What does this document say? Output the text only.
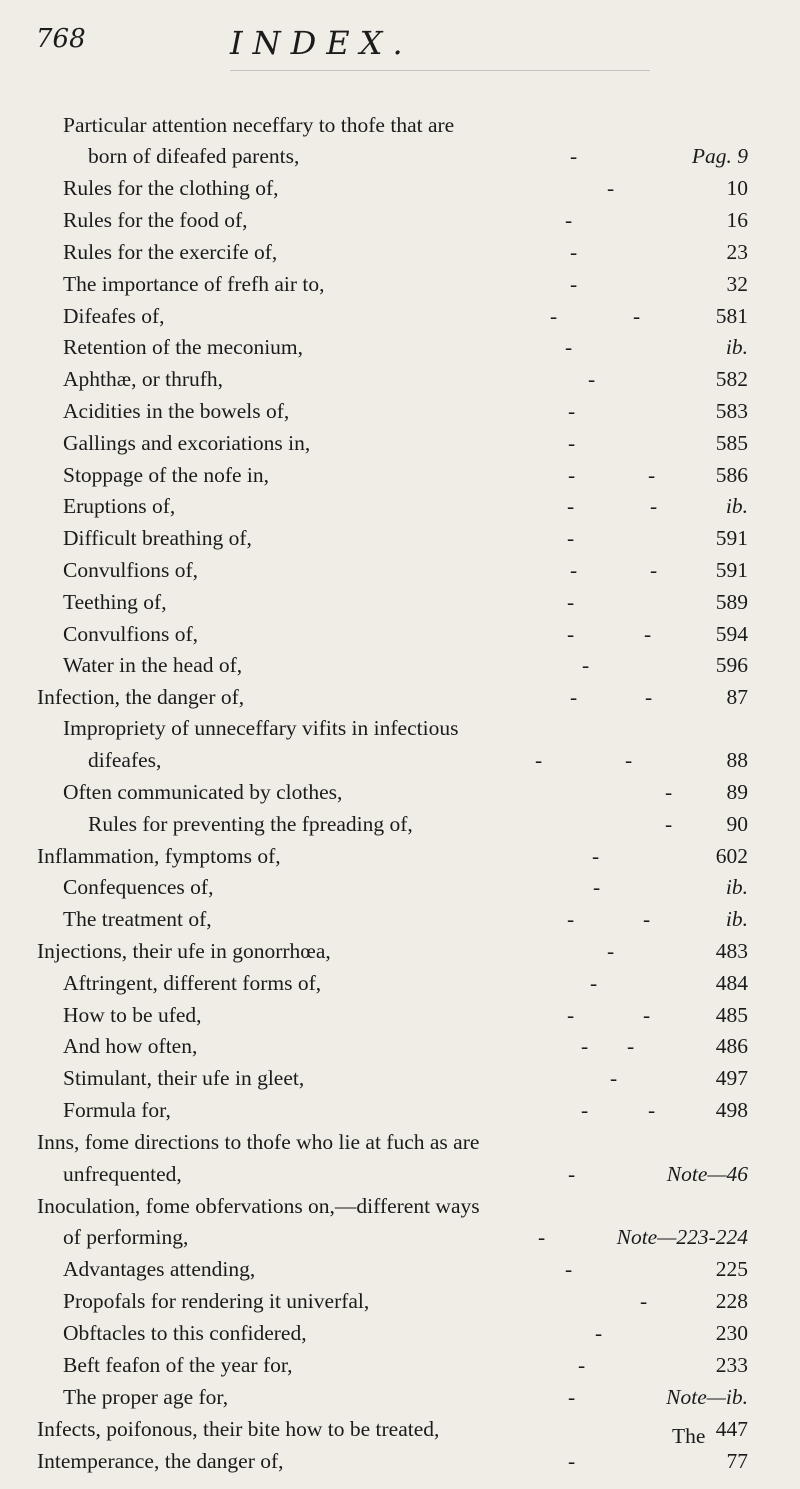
768	INDEX.
Particular attention neceffary to thofe that are
born of difeafed parents,	-	Pag. 9
Rules for the clothing of,	-	10
Rules for the food of,	-	16
Rules for the exercife of,	-	23
The importance of frefh air to,	-	32
Difeafes of,	-	-	581
Retention of the meconium,	-	ib.
Aphthæ, or thrufh,	-	582
Acidities in the bowels of,	-	583
Gallings and excoriations in,	-	585
Stoppage of the nofe in,	-	-	586
Eruptions of,	-	-	ib.
Difficult breathing of,	-	591
Convulfions of,	-	-	591
Teething of,	-	589
Convulfions of,	-	-	594
Water in the head of,	-	596
Infection, the danger of,	-	-	87
Impropriety of unneceffary vifits in infectious
difeafes,	-	-	88
Often communicated by clothes,	-	89
Rules for preventing the fpreading of,	-	90
Inflammation, fymptoms of,	-	602
Confequences of,	-	ib.
The treatment of,	-	-	ib.
Injections, their ufe in gonorrhœa,	-	483
Aftringent, different forms of,	-	484
How to be ufed,	-	-	485
And how often,	- -	486
Stimulant, their ufe in gleet,	-	497
Formula for,	-	-	498
Inns, fome directions to thofe who lie at fuch as are
unfrequented,	-	Note—46
Inoculation, fome obfervations on,—different ways
of performing,	-	Note—223-224
Advantages attending,	-	225
Propofals for rendering it univerfal,	-	228
Obftacles to this confidered,	-	230
Beft feafon of the year for,	-	233
The proper age for,	-	Note—ib.
Infects, poifonous, their bite how to be treated,	447
Intemperance, the danger of,	-	77
The
